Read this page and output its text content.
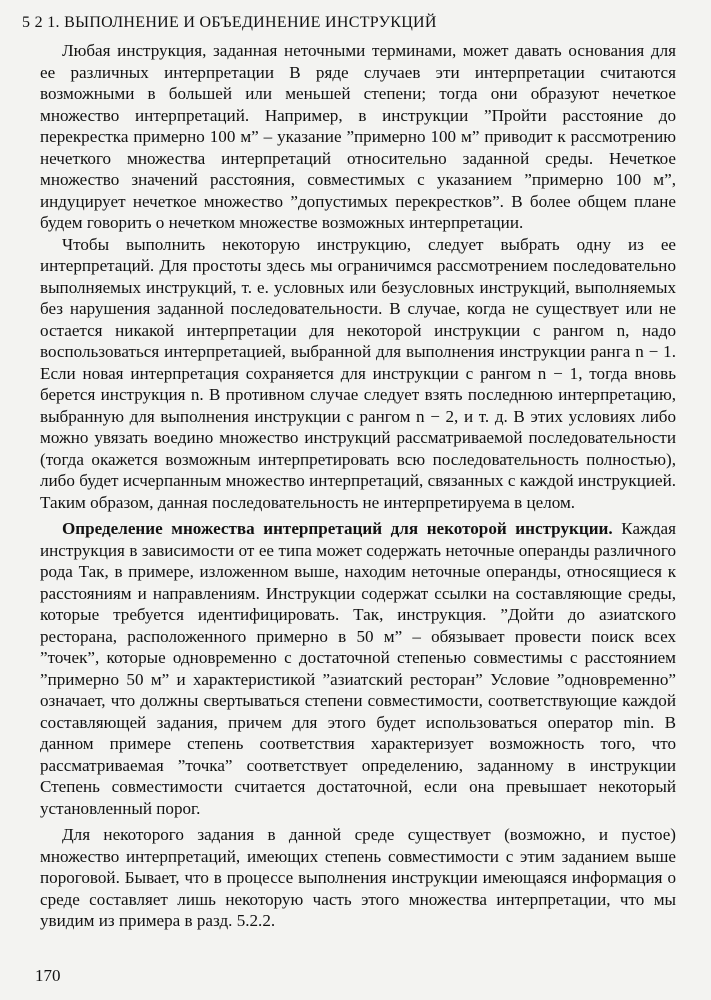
5 2 1. ВЫПОЛНЕНИЕ И ОБЪЕДИНЕНИЕ ИНСТРУКЦИЙ

Любая инструкция, заданная неточными терминами, может давать основания для ее различных интерпретации В ряде случаев эти интерпретации считаются возможными в большей или меньшей степени; тогда они образуют нечеткое множество интерпретаций. Например, в инструкции ”Пройти расстояние до перекрестка примерно 100 м” – указание ”примерно 100 м” приводит к рассмотрению нечеткого множества интерпретаций относительно заданной среды. Нечеткое множество значений расстояния, совместимых с указанием ”примерно 100 м”, индуцирует нечеткое множество ”допустимых перекрестков”. В более общем плане будем говорить о нечетком множестве возможных интерпретации.

Чтобы выполнить некоторую инструкцию, следует выбрать одну из ее интерпретаций. Для простоты здесь мы ограничимся рассмотрением последовательно выполняемых инструкций, т. е. условных или безусловных инструкций, выполняемых без нарушения заданной последовательности. В случае, когда не существует или не остается никакой интерпретации для некоторой инструкции с рангом n, надо воспользоваться интерпретацией, выбранной для выполнения инструкции ранга n − 1. Если новая интерпретация сохраняется для инструкции с рангом n − 1, тогда вновь берется инструкция n. В противном случае следует взять последнюю интерпретацию, выбранную для выполнения инструкции с рангом n − 2, и т. д. В этих условиях либо можно увязать воедино множество инструкций рассматриваемой последовательности (тогда окажется возможным интерпретировать всю последовательность полностью), либо будет исчерпанным множество интерпретаций, связанных с каждой инструкцией. Таким образом, данная последовательность не интерпретируема в целом.

Определение множества интерпретаций для некоторой инструкции. Каждая инструкция в зависимости от ее типа может содержать неточные операнды различного рода Так, в примере, изложенном выше, находим неточные операнды, относящиеся к расстояниям и направлениям. Инструкции содержат ссылки на составляющие среды, которые требуется идентифицировать. Так, инструкция. ”Дойти до азиатского ресторана, расположенного примерно в 50 м” – обязывает провести поиск всех ”точек”, которые одновременно с достаточной степенью совместимы с расстоянием ”примерно 50 м” и характеристикой ”азиатский ресторан” Условие ”одновременно” означает, что должны свертываться степени совместимости, соответствующие каждой составляющей задания, причем для этого будет использоваться оператор min. В данном примере степень соответствия характеризует возможность того, что рассматриваемая ”точка” соответствует определению, заданному в инструкции Степень совместимости считается достаточной, если она превышает некоторый установленный порог.

Для некоторого задания в данной среде существует (возможно, и пустое) множество интерпретаций, имеющих степень совместимости с этим заданием выше пороговой. Бывает, что в процессе выполнения инструкции имеющаяся информация о среде составляет лишь некоторую часть этого множества интерпретации, что мы увидим из примера в разд. 5.2.2.

170
